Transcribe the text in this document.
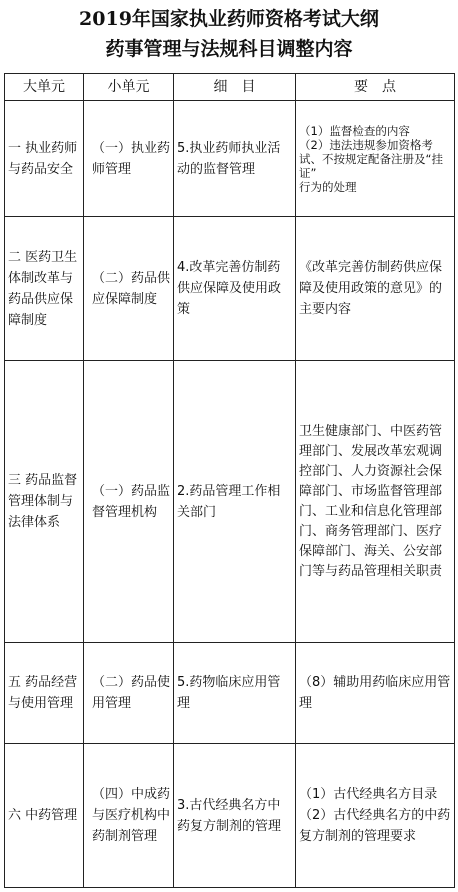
2019年国家执业药师资格考试大纲
药事管理与法规科目调整内容
大单元	小单元	细　目	要　点
一 执业药师与药品安全	（一）执业药师管理	5.执业药师执业活动的监督管理	（1）监督检查的内容
（2）违法违规参加资格考试、不按规定配备注册及“挂证”
行为的处理

二 医药卫生体制改革与药品供应保障制度	（二）药品供应保障制度	4.改革完善仿制药供应保障及使用政策	《改革完善仿制药供应保障及使用政策的意见》的主要内容

三 药品监督管理体制与法律体系	（一）药品监督管理机构	2.药品管理工作相关部门	卫生健康部门、中医药管理部门、发展改革宏观调控部门、人力资源社会保障部门、市场监督管理部门、工业和信息化管理部门、商务管理部门、医疗保障部门、海关、公安部门等与药品管理相关职责

五 药品经营与使用管理	（二）药品使用管理	5.药物临床应用管理	（8）辅助用药临床应用管理

六 中药管理	（四）中成药与医疗机构中药制剂管理	3.古代经典名方中药复方制剂的管理	（1）古代经典名方目录
（2）古代经典名方的中药复方制剂的管理要求
